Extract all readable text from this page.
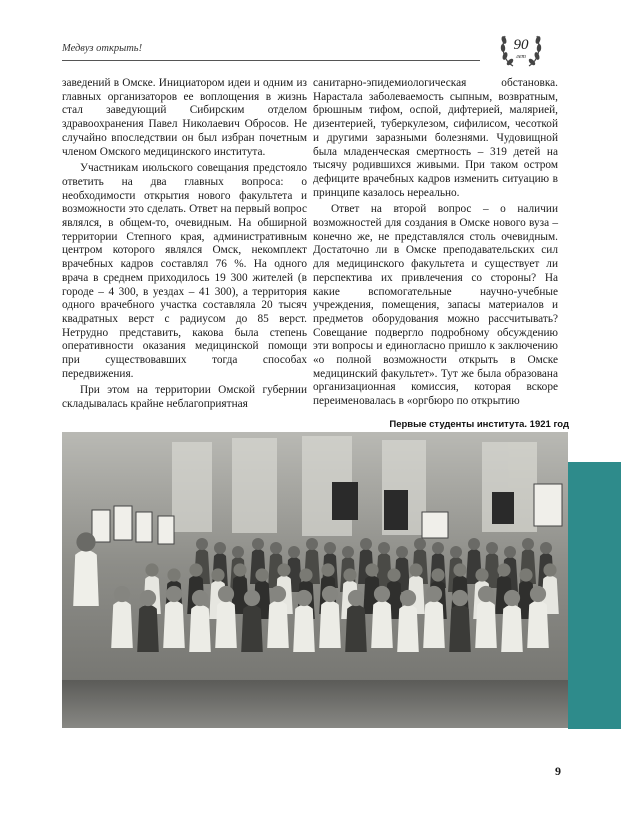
Медвуз открыть!	90
лет

заведений в Омске. Инициатором идеи и одним из главных организаторов ее воплощения в жизнь стал заведующий Сибирским отделом здравоохранения Павел Николаевич Обросов. Не случайно впоследствии он был избран почетным членом Омского медицинского института.

Участникам июльского совещания предстояло ответить на два главных вопроса: о необходимости открытия нового факультета и возможности это сделать. Ответ на первый вопрос являлся, в общем-то, очевидным. На обширной территории Степного края, административным центром которого являлся Омск, некомплект врачебных кадров составлял 76 %. На одного врача в среднем приходилось 19 300 жителей (в городе – 4 300, в уездах – 41 300), а территория одного врачебного участка составляла 20 тысяч квадратных верст с радиусом до 85 верст. Нетрудно представить, какова была степень оперативности оказания медицинской помощи при существовавших тогда способах передвижения.

При этом на территории Омской губернии складывалась крайне неблагоприятная

санитарно-эпидемиологическая обстановка. Нарастала заболеваемость сыпным, возвратным, брюшным тифом, оспой, дифтерией, малярией, дизентерией, туберкулезом, сифилисом, чесоткой и другими заразными болезнями. Чудовищной была младенческая смертность – 319 детей на тысячу родившихся живыми. При таком остром дефиците врачебных кадров изменить ситуацию в принципе казалось нереально.

Ответ на второй вопрос – о наличии возможностей для создания в Омске нового вуза – конечно же, не представлялся столь очевидным. Достаточно ли в Омске преподавательских сил для медицинского факультета и существует ли перспектива их привлечения со стороны? На какие вспомогательные научно-учебные учреждения, помещения, запасы материалов и предметов оборудования можно рассчитывать? Совещание подвергло подробному обсуждению эти вопросы и единогласно пришло к заключению «о полной возможности открыть в Омске медицинский факультет». Тут же была образована организационная комиссия, которая вскоре переименовалась в «оргбюро по открытию

Первые студенты института. 1921 год
9
